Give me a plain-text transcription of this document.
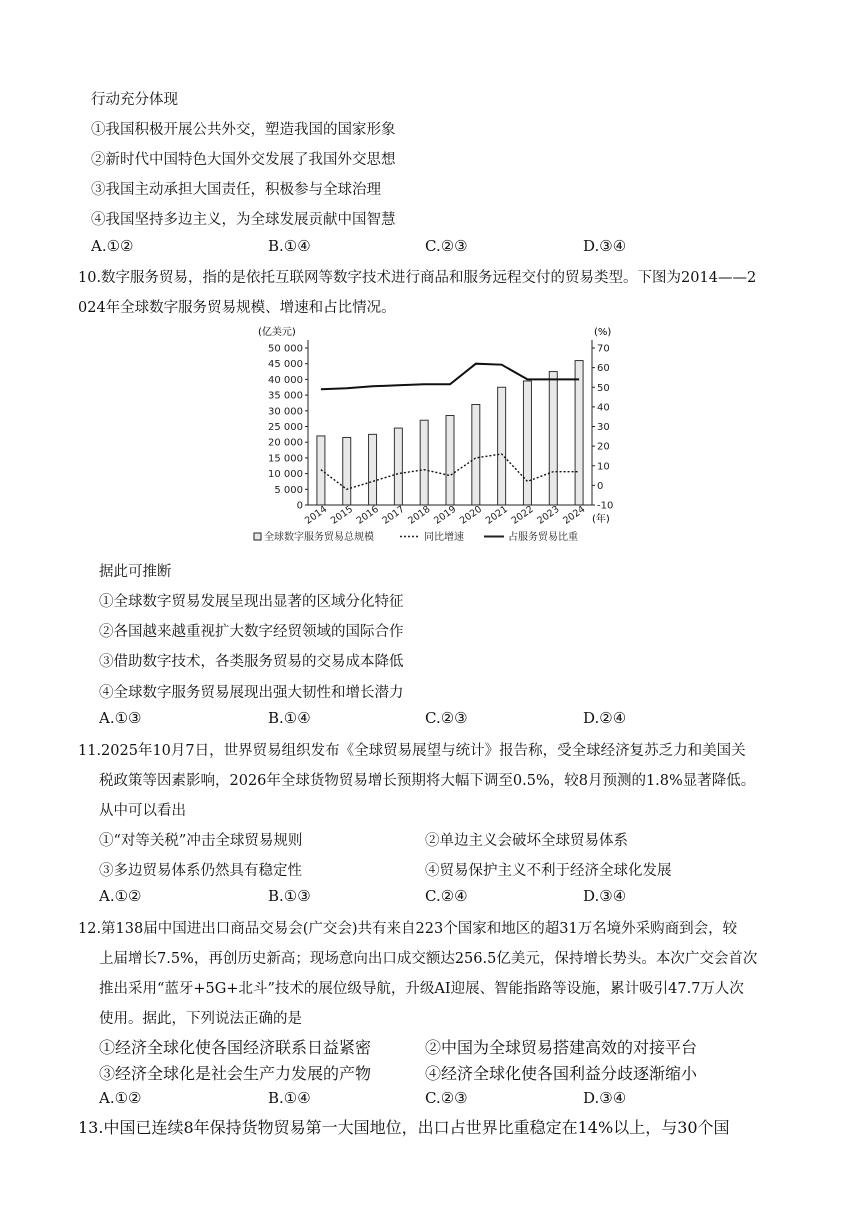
行动充分体现
①我国积极开展公共外交，塑造我国的国家形象
②新时代中国特色大国外交发展了我国外交思想
③我国主动承担大国责任，积极参与全球治理
④我国坚持多边主义，为全球发展贡献中国智慧
A.①②	B.①④	C.②③	D.③④
10.数字服务贸易，指的是依托互联网等数字技术进行商品和服务远程交付的贸易类型。下图为2014——2
024年全球数字服务贸易规模、增速和占比情况。
(亿美元)	(%)
(年)
50 000
45 000
40 000
35 000
30 000
25 000
20 000
15 000
10 000
5 000
0
70
60
50
40
30
20
10
0
-10
2014 2015 2016 2017 2018 2019 2020 2021 2022 2023 2024
全球数字服务贸易总规模	同比增速	占服务贸易比重
据此可推断
①全球数字贸易发展呈现出显著的区域分化特征
②各国越来越重视扩大数字经贸领域的国际合作
③借助数字技术，各类服务贸易的交易成本降低
④全球数字服务贸易展现出强大韧性和增长潜力
A.①③	B.①④	C.②③	D.②④
11.2025年10月7日，世界贸易组织发布《全球贸易展望与统计》报告称，受全球经济复苏乏力和美国关
税政策等因素影响，2026年全球货物贸易增长预期将大幅下调至0.5%，较8月预测的1.8%显著降低。
从中可以看出
①“对等关税”冲击全球贸易规则	②单边主义会破坏全球贸易体系
③多边贸易体系仍然具有稳定性	④贸易保护主义不利于经济全球化发展
A.①②	B.①③	C.②④	D.③④
12.第138届中国进出口商品交易会(广交会)共有来自223个国家和地区的超31万名境外采购商到会，较
上届增长7.5%，再创历史新高；现场意向出口成交额达256.5亿美元，保持增长势头。本次广交会首次
推出采用“蓝牙+5G+北斗”技术的展位级导航，升级AI迎展、智能指路等设施，累计吸引47.7万人次
使用。据此，下列说法正确的是
①经济全球化使各国经济联系日益紧密	②中国为全球贸易搭建高效的对接平台
③经济全球化是社会生产力发展的产物	④经济全球化使各国利益分歧逐渐缩小
A.①②	B.①④	C.②③	D.③④
13.中国已连续8年保持货物贸易第一大国地位，出口占世界比重稳定在14%以上，与30个国
